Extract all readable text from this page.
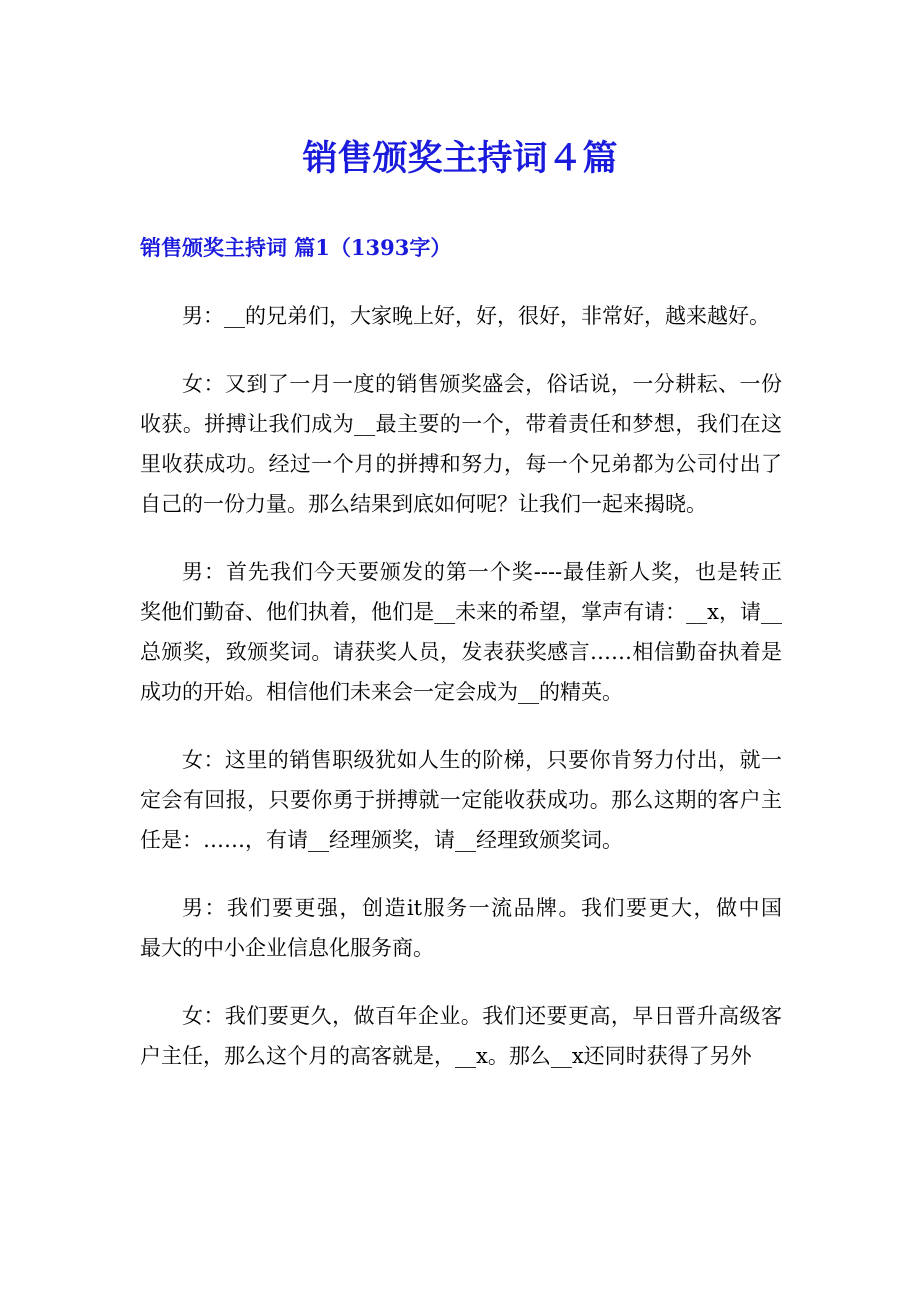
销售颁奖主持词４篇
销售颁奖主持词 篇1（1393字）

男：__的兄弟们，大家晚上好，好，很好，非常好，越来越好。

女：又到了一月一度的销售颁奖盛会，俗话说，一分耕耘、一份
收获。拼搏让我们成为__最主要的一个，带着责任和梦想，我们在这
里收获成功。经过一个月的拼搏和努力，每一个兄弟都为公司付出了
自己的一份力量。那么结果到底如何呢？让我们一起来揭晓。

男：首先我们今天要颁发的第一个奖----最佳新人奖，也是转正
奖他们勤奋、他们执着，他们是__未来的希望，掌声有请：__x，请__
总颁奖，致颁奖词。请获奖人员，发表获奖感言……相信勤奋执着是
成功的开始。相信他们未来会一定会成为__的精英。

女：这里的销售职级犹如人生的阶梯，只要你肯努力付出，就一
定会有回报，只要你勇于拼搏就一定能收获成功。那么这期的客户主
任是：……，有请__经理颁奖，请__经理致颁奖词。

男：我们要更强，创造it服务一流品牌。我们要更大，做中国
最大的中小企业信息化服务商。

女：我们要更久，做百年企业。我们还要更高，早日晋升高级客
户主任，那么这个月的高客就是，__x。那么__x还同时获得了另外
